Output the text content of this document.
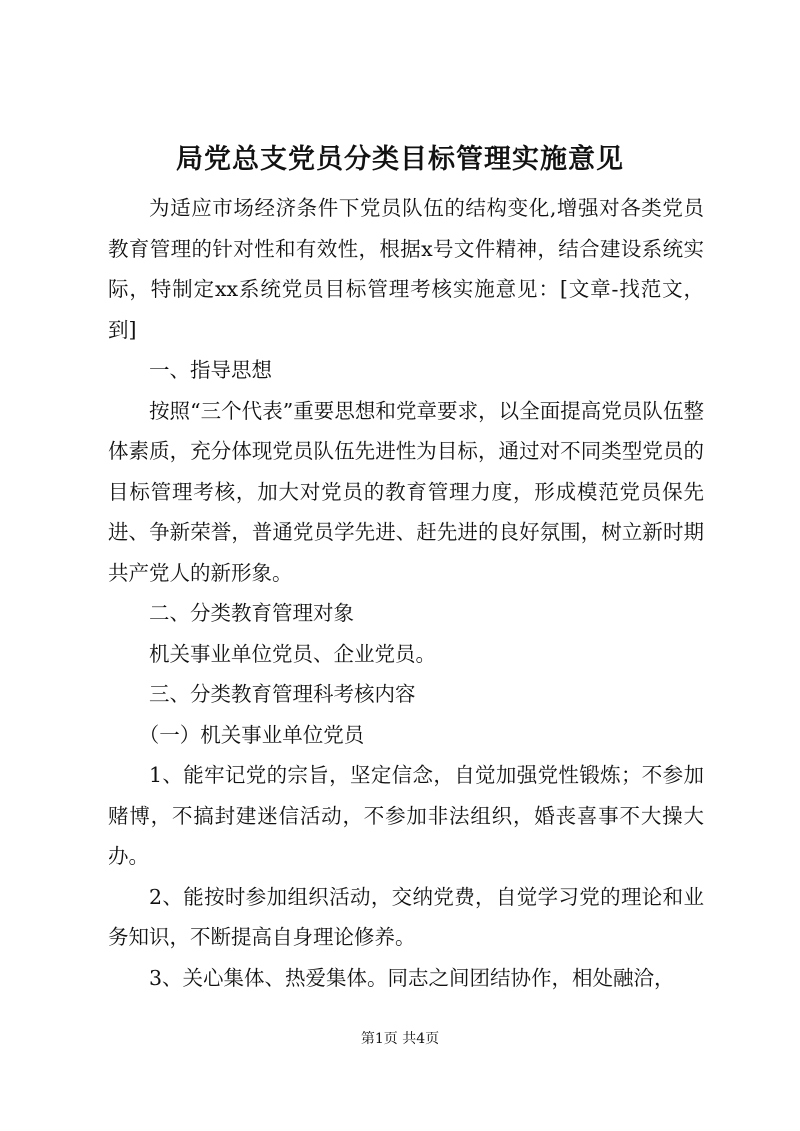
局党总支党员分类目标管理实施意见

为适应市场经济条件下党员队伍的结构变化,增强对各类党员教育管理的针对性和有效性，根据x号文件精神，结合建设系统实际，特制定xx系统党员目标管理考核实施意见：[文章-找范文，到]

一、指导思想

按照“三个代表”重要思想和党章要求，以全面提高党员队伍整体素质，充分体现党员队伍先进性为目标，通过对不同类型党员的目标管理考核，加大对党员的教育管理力度，形成模范党员保先进、争新荣誉，普通党员学先进、赶先进的良好氛围，树立新时期共产党人的新形象。

二、分类教育管理对象

机关事业单位党员、企业党员。

三、分类教育管理科考核内容

（一）机关事业单位党员

1、能牢记党的宗旨，坚定信念，自觉加强党性锻炼；不参加赌博，不搞封建迷信活动，不参加非法组织，婚丧喜事不大操大办。

2、能按时参加组织活动，交纳党费，自觉学习党的理论和业务知识，不断提高自身理论修养。

3、关心集体、热爱集体。同志之间团结协作，相处融洽，

第1页 共4页
